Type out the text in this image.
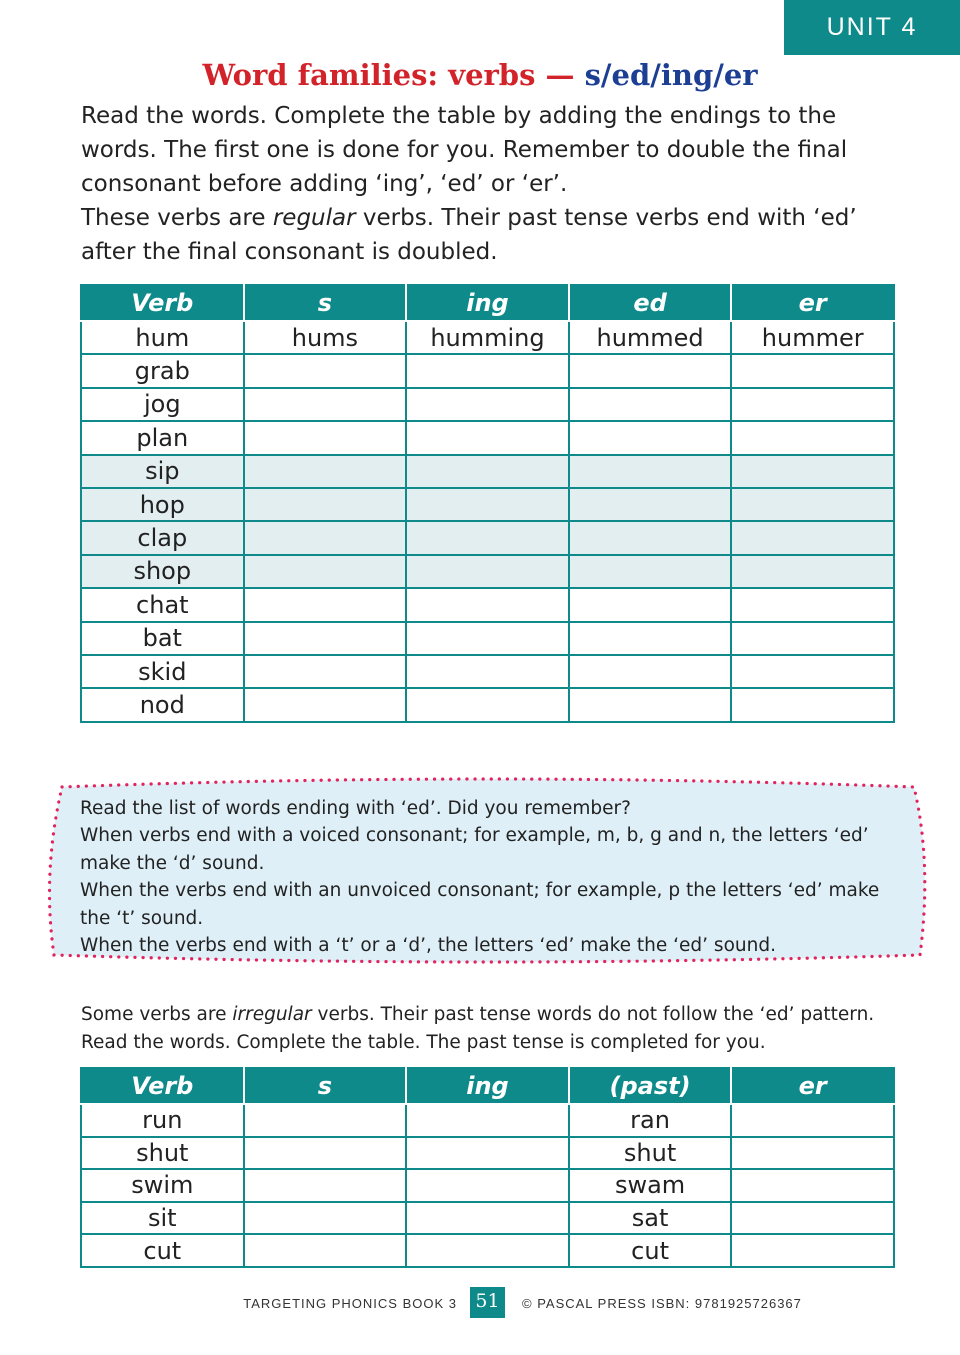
UNIT 4
Word families: verbs — s/ed/ing/er

Read the words. Complete the table by adding the endings to the words. The first one is done for you. Remember to double the final consonant before adding ‘ing’, ‘ed’ or ‘er’.

These verbs are regular verbs. Their past tense verbs end with ‘ed’ after the final consonant is doubled.

Verb	s	ing	ed	er
hum	hums	humming	hummed	hummer
grab				
jog				
plan				
sip				
hop				
clap				
shop				
chat				
bat				
skid				
nod				

Read the list of words ending with ‘ed’. Did you remember?

When verbs end with a voiced consonant; for example, m, b, g and n, the letters ‘ed’ make the ‘d’ sound.

When the verbs end with an unvoiced consonant; for example, p the letters ‘ed’ make the ‘t’ sound.

When the verbs end with a ‘t’ or a ‘d’, the letters ‘ed’ make the ‘ed’ sound.

Some verbs are irregular verbs. Their past tense words do not follow the ‘ed’ pattern.

Read the words. Complete the table. The past tense is completed for you.

Verb	s	ing	(past)	er
run			ran	
shut			shut	
swim			swam	
sit			sat	
cut			cut	
TARGETING PHONICS BOOK 3 51	© PASCAL PRESS ISBN: 9781925726367
